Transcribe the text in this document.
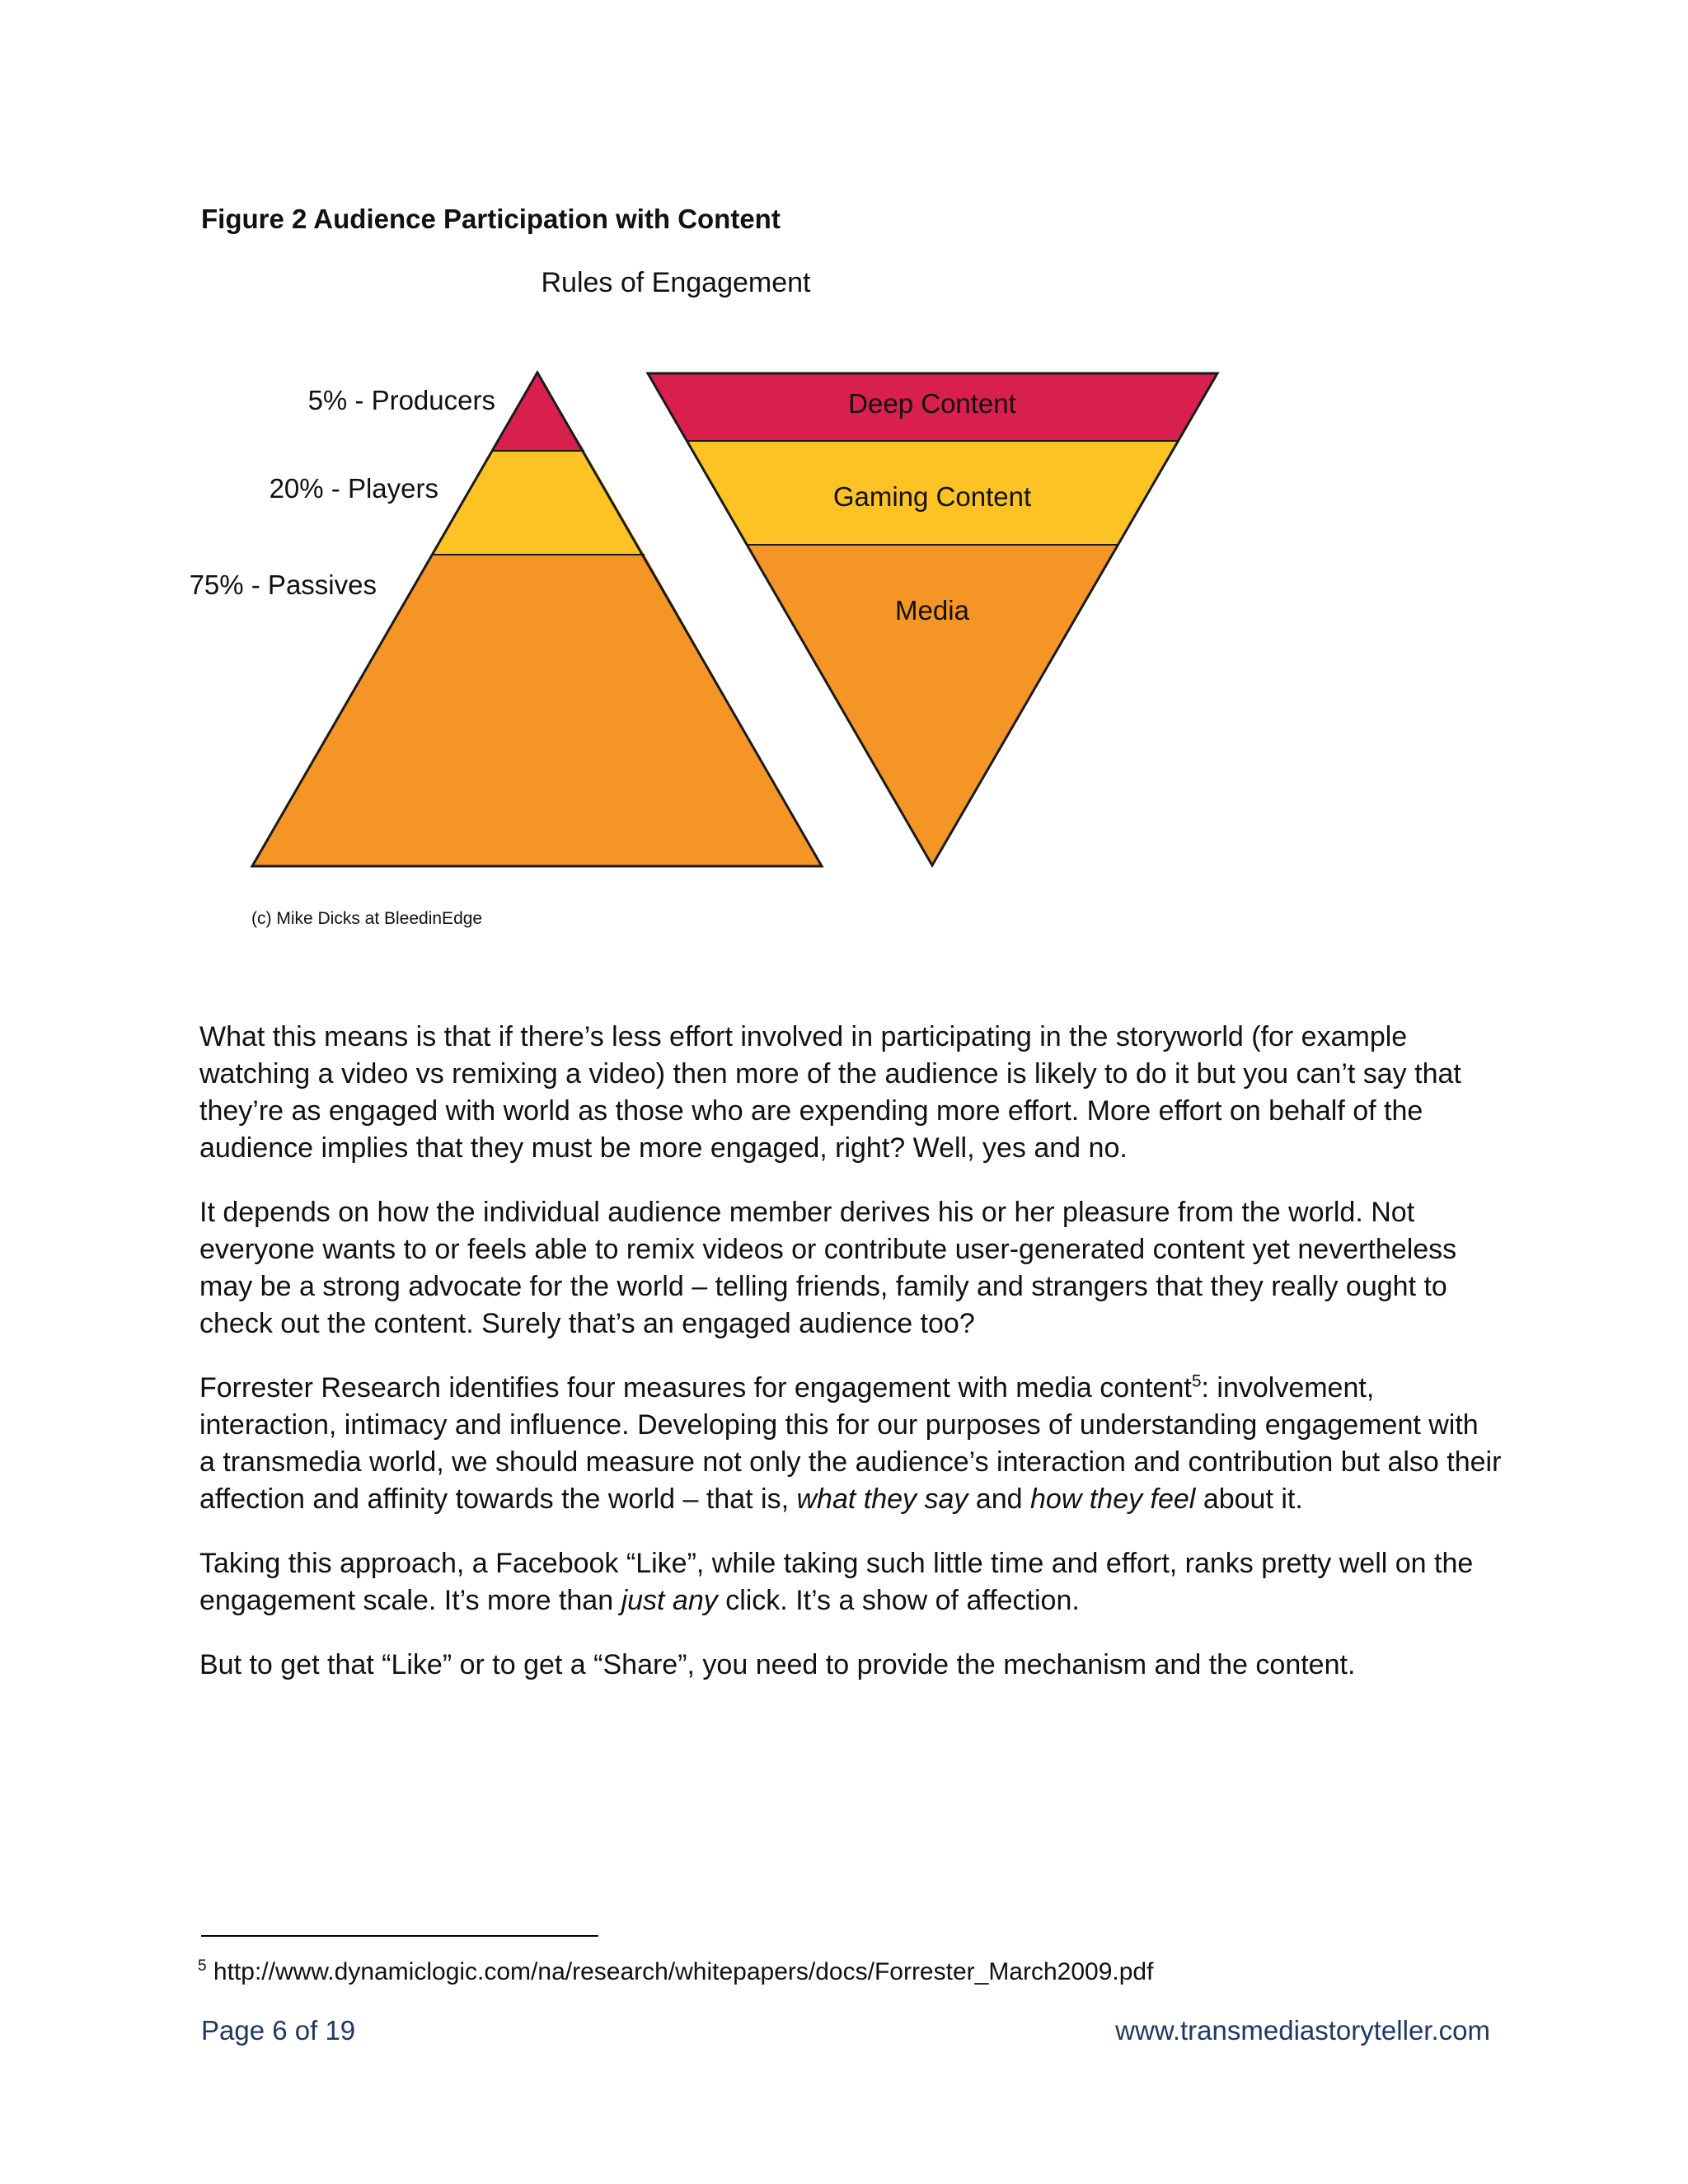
Figure 2 Audience Participation with Content
Rules of Engagement
5% - Producers
20% - Players
75% - Passives
Deep Content
Gaming Content
Media
(c) Mike Dicks at BleedinEdge

What this means is that if there’s less effort involved in participating in the storyworld (for example watching a video vs remixing a video) then more of the audience is likely to do it but you can’t say that they’re as engaged with world as those who are expending more effort. More effort on behalf of the audience implies that they must be more engaged, right? Well, yes and no.

It depends on how the individual audience member derives his or her pleasure from the world. Not everyone wants to or feels able to remix videos or contribute user-generated content yet nevertheless may be a strong advocate for the world – telling friends, family and strangers that they really ought to check out the content. Surely that’s an engaged audience too?

Forrester Research identifies four measures for engagement with media content$^5$: involvement, interaction, intimacy and influence. Developing this for our purposes of understanding engagement with a transmedia world, we should measure not only the audience’s interaction and contribution but also their affection and affinity towards the world – that is, what they say and how they feel about it.

Taking this approach, a Facebook “Like”, while taking such little time and effort, ranks pretty well on the engagement scale. It’s more than just any click. It’s a show of affection.

But to get that “Like” or to get a “Share”, you need to provide the mechanism and the content.

$^5$ http://www.dynamiclogic.com/na/research/whitepapers/docs/Forrester_March2009.pdf
Page 6 of 19	www.transmediastoryteller.com
